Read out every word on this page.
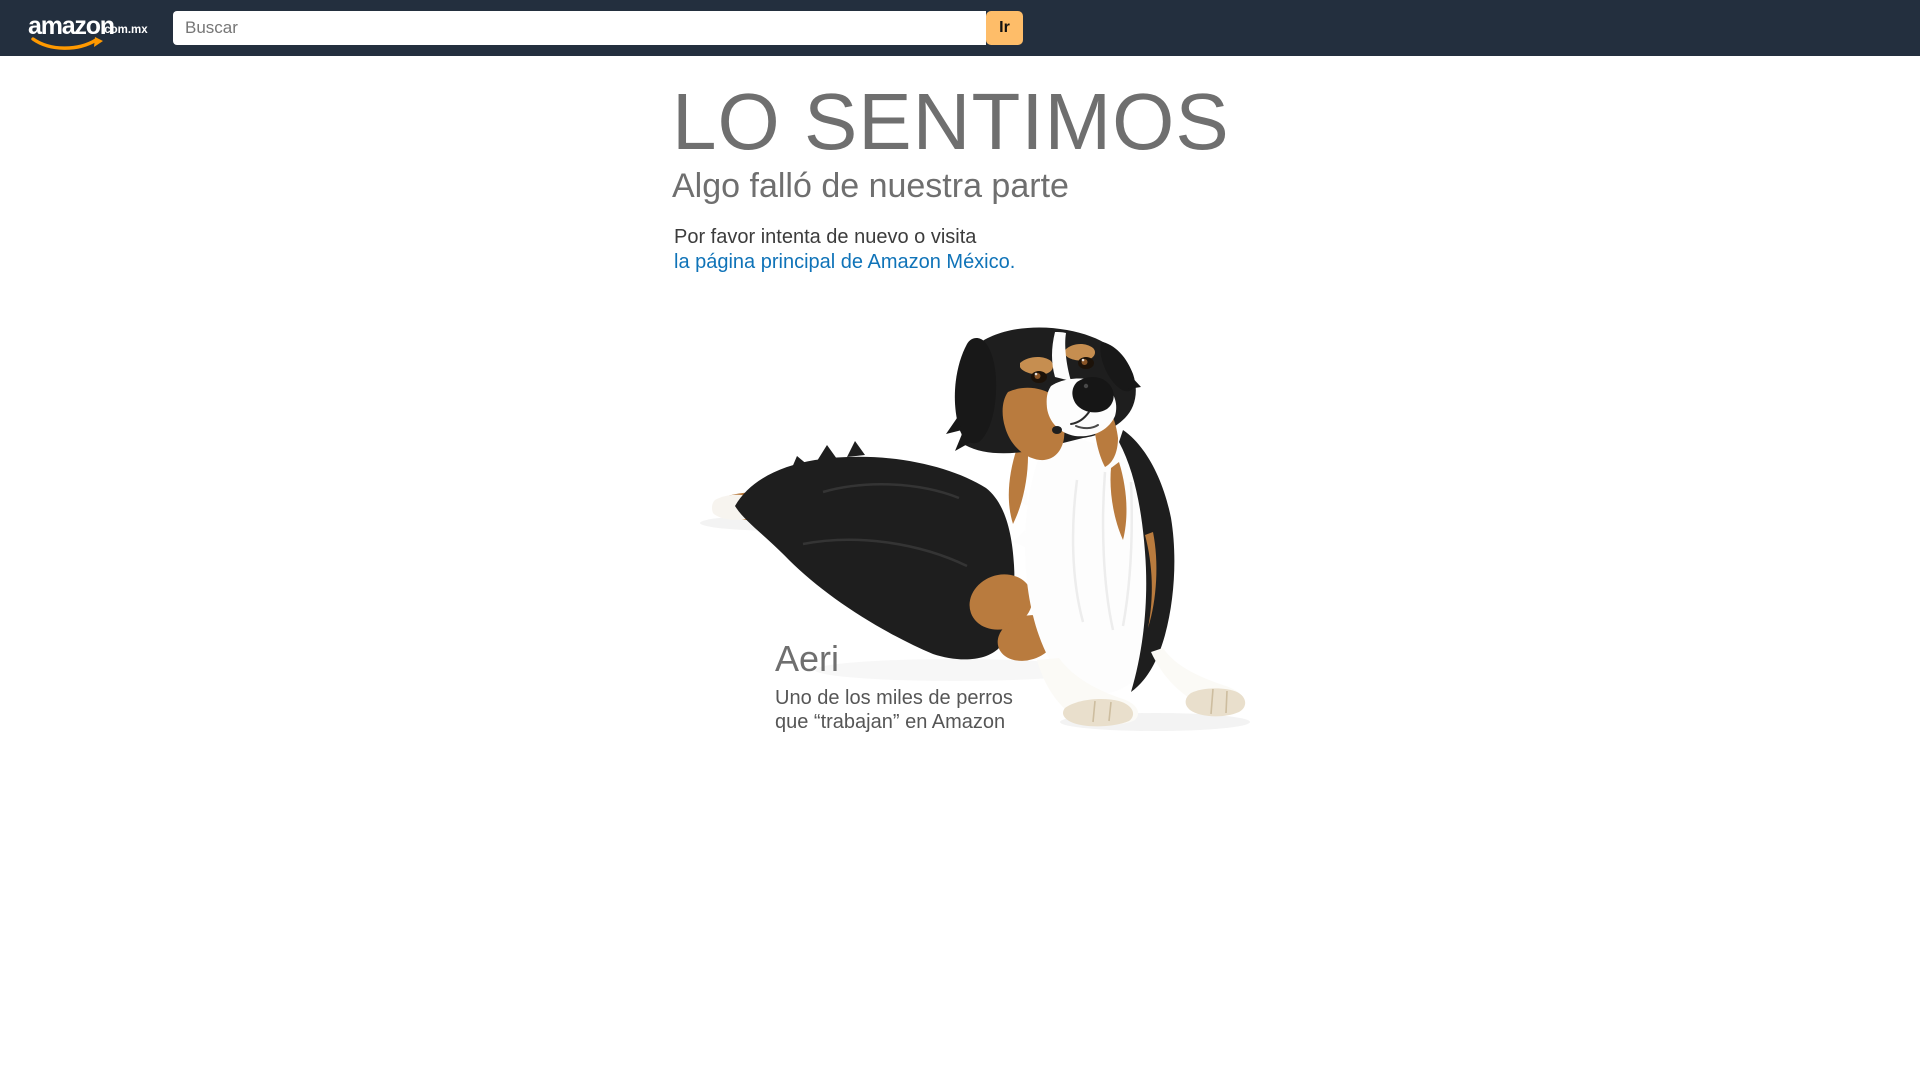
amazon
.com.mx
Buscar	Ir
LO SENTIMOS
Algo falló de nuestra parte

Por favor intenta de nuevo o visita
la página principal de Amazon México.

Aeri
Uno de los miles de perros
que “trabajan” en Amazon
